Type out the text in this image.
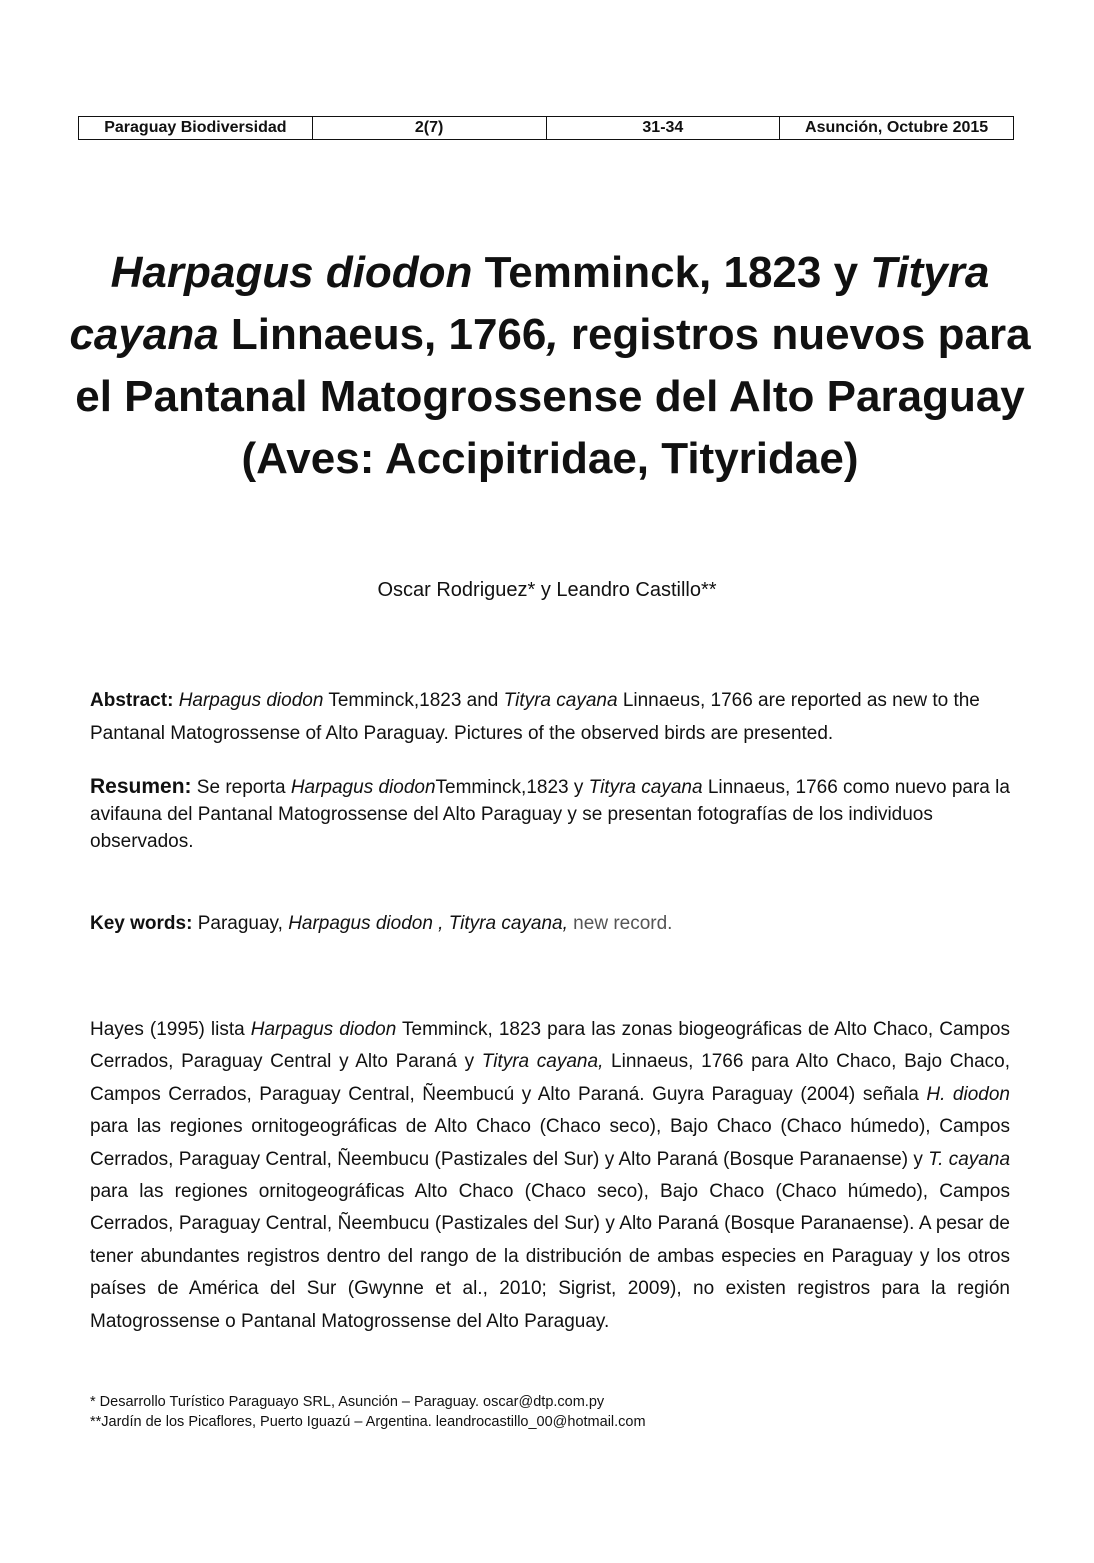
Paraguay Biodiversidad	2(7)	31-34	Asunción, Octubre 2015
Harpagus diodon Temminck, 1823 y Tityra cayana Linnaeus, 1766, registros nuevos para el Pantanal Matogrossense del Alto Paraguay
(Aves: Accipitridae, Tityridae)
Oscar Rodriguez* y Leandro Castillo**

Abstract: Harpagus diodon Temminck,1823 and Tityra cayana Linnaeus, 1766 are reported as new to the Pantanal Matogrossense of Alto Paraguay. Pictures of the observed birds are presented.

Resumen: Se reporta Harpagus diodonTemminck,1823 y Tityra cayana Linnaeus, 1766 como nuevo para la avifauna del Pantanal Matogrossense del Alto Paraguay y se presentan fotografías de los individuos observados.

Key words: Paraguay, Harpagus diodon , Tityra cayana, new record.

Hayes (1995) lista Harpagus diodon Temminck, 1823 para las zonas biogeográficas de Alto Chaco, Campos Cerrados, Paraguay Central y Alto Paraná y Tityra cayana, Linnaeus, 1766 para Alto Chaco, Bajo Chaco, Campos Cerrados, Paraguay Central, Ñeembucú y Alto Paraná. Guyra Paraguay (2004) señala H. diodon para las regiones ornitogeográficas de Alto Chaco (Chaco seco), Bajo Chaco (Chaco húmedo), Campos Cerrados, Paraguay Central, Ñeembucu (Pastizales del Sur) y Alto Paraná (Bosque Paranaense) y T. cayana para las regiones ornitogeográficas Alto Chaco (Chaco seco), Bajo Chaco (Chaco húmedo), Campos Cerrados, Paraguay Central, Ñeembucu (Pastizales del Sur) y Alto Paraná (Bosque Paranaense). A pesar de tener abundantes registros dentro del rango de la distribución de ambas especies en Paraguay y los otros países de América del Sur (Gwynne et al., 2010; Sigrist, 2009), no existen registros para la región Matogrossense o Pantanal Matogrossense del Alto Paraguay.

* Desarrollo Turístico Paraguayo SRL, Asunción – Paraguay. oscar@dtp.com.py
**Jardín de los Picaflores, Puerto Iguazú – Argentina. leandrocastillo_00@hotmail.com
